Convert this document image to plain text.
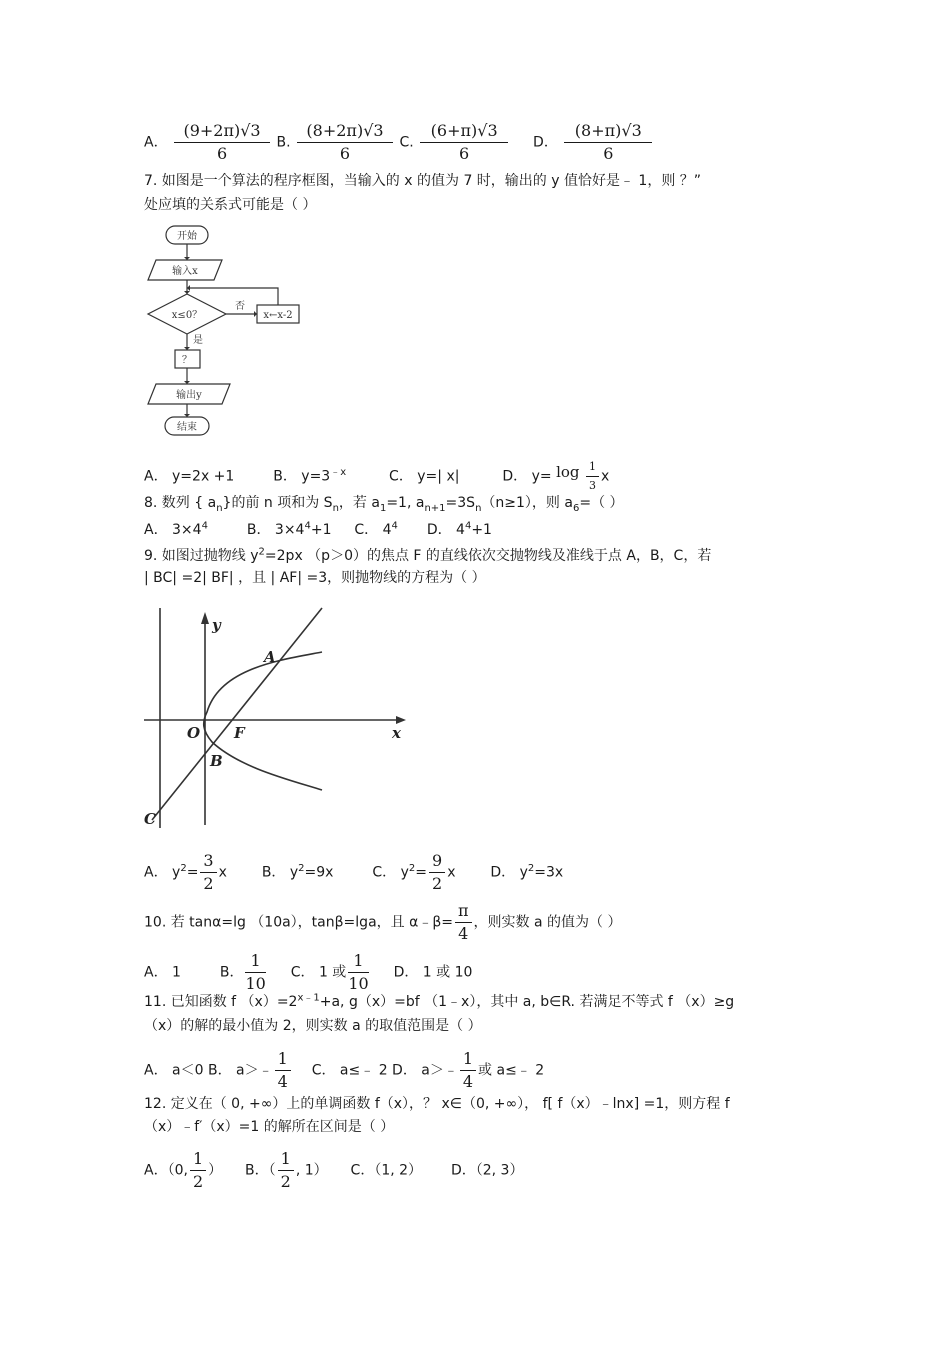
A． $\frac{(9+2\pi)√3}{6} B$. $\frac{(8+2\pi)√3}{6} C$. $\frac{(6+\pi)√3}{6}$ D． $\frac{(8+\pi)√3}{6}$
7. 如图是一个算法的程序框图，当输入的 x 的值为 7 时，输出的 y 值恰好是﹣ 1，则 ？”
处应填的关系式可能是（ ）
开始
输入x
x≤0？
否
x←x-2
是
？
输出y
结束
A． y=2x +1	B． $y=3^{﹣x}$	C． y=| x|	D． $y= \log \frac{1}{3}$ x
8. 数列 { $a_n$}的前 n 项和为 $S_n$，若 $a_1=1$, $a_{n+1}=3S_n(n\ge 1)$，则 $a_6=$（ ）
A． $3\times 4^4$	B． $3\times 4^4+1$ C． $4^4$ D． $4^4+1$
9. 如图过抛物线 $y^2=2px$ （p＞0）的焦点 F 的直线依次交抛物线及准线于点 A，B，C，若
| BC| =2| BF| ，且 | AF| =3，则抛物线的方程为（ ）
y
x
A
B
C
O F
A． $y^2= \frac{3}{2}$ x B． $y^2=9x$	C． $y^2= \frac{9}{2}$ x D． $y^2=3x$
10. 若 tanα=lg （10a），tanβ=lga，且 α﹣β= $\frac{\pi}{4}$ ，则实数 a 的值为（ ）
A． 1	B． $\frac{1}{10}$ C． 1 或 $\frac{1}{10}$ D． 1 或 10
11. 已知函数 f $(x)=2^{x﹣1}+a$, g（x）=bf （1﹣x），其中 a, b∈R. 若满足不等式 f （x）≥g
（x）的解的最小值为 2，则实数 a 的取值范围是（ ）
A． a＜0 B． a＞﹣ $\frac{1}{4}$ C． a≤﹣ 2 D． a＞﹣ $\frac{1}{4}$ 或 a≤﹣ 2
12. 定义在（ 0, +∞）上的单调函数 f（x），？ x∈（0, +∞）， f[ f（x）﹣lnx] =1，则方程 f
（x）﹣f′（x）=1 的解所在区间是（ ）
A．（0, $\frac{1}{2}$ ） B．（ $\frac{1}{2}$ , 1） C．（1, 2） D．（2, 3）
